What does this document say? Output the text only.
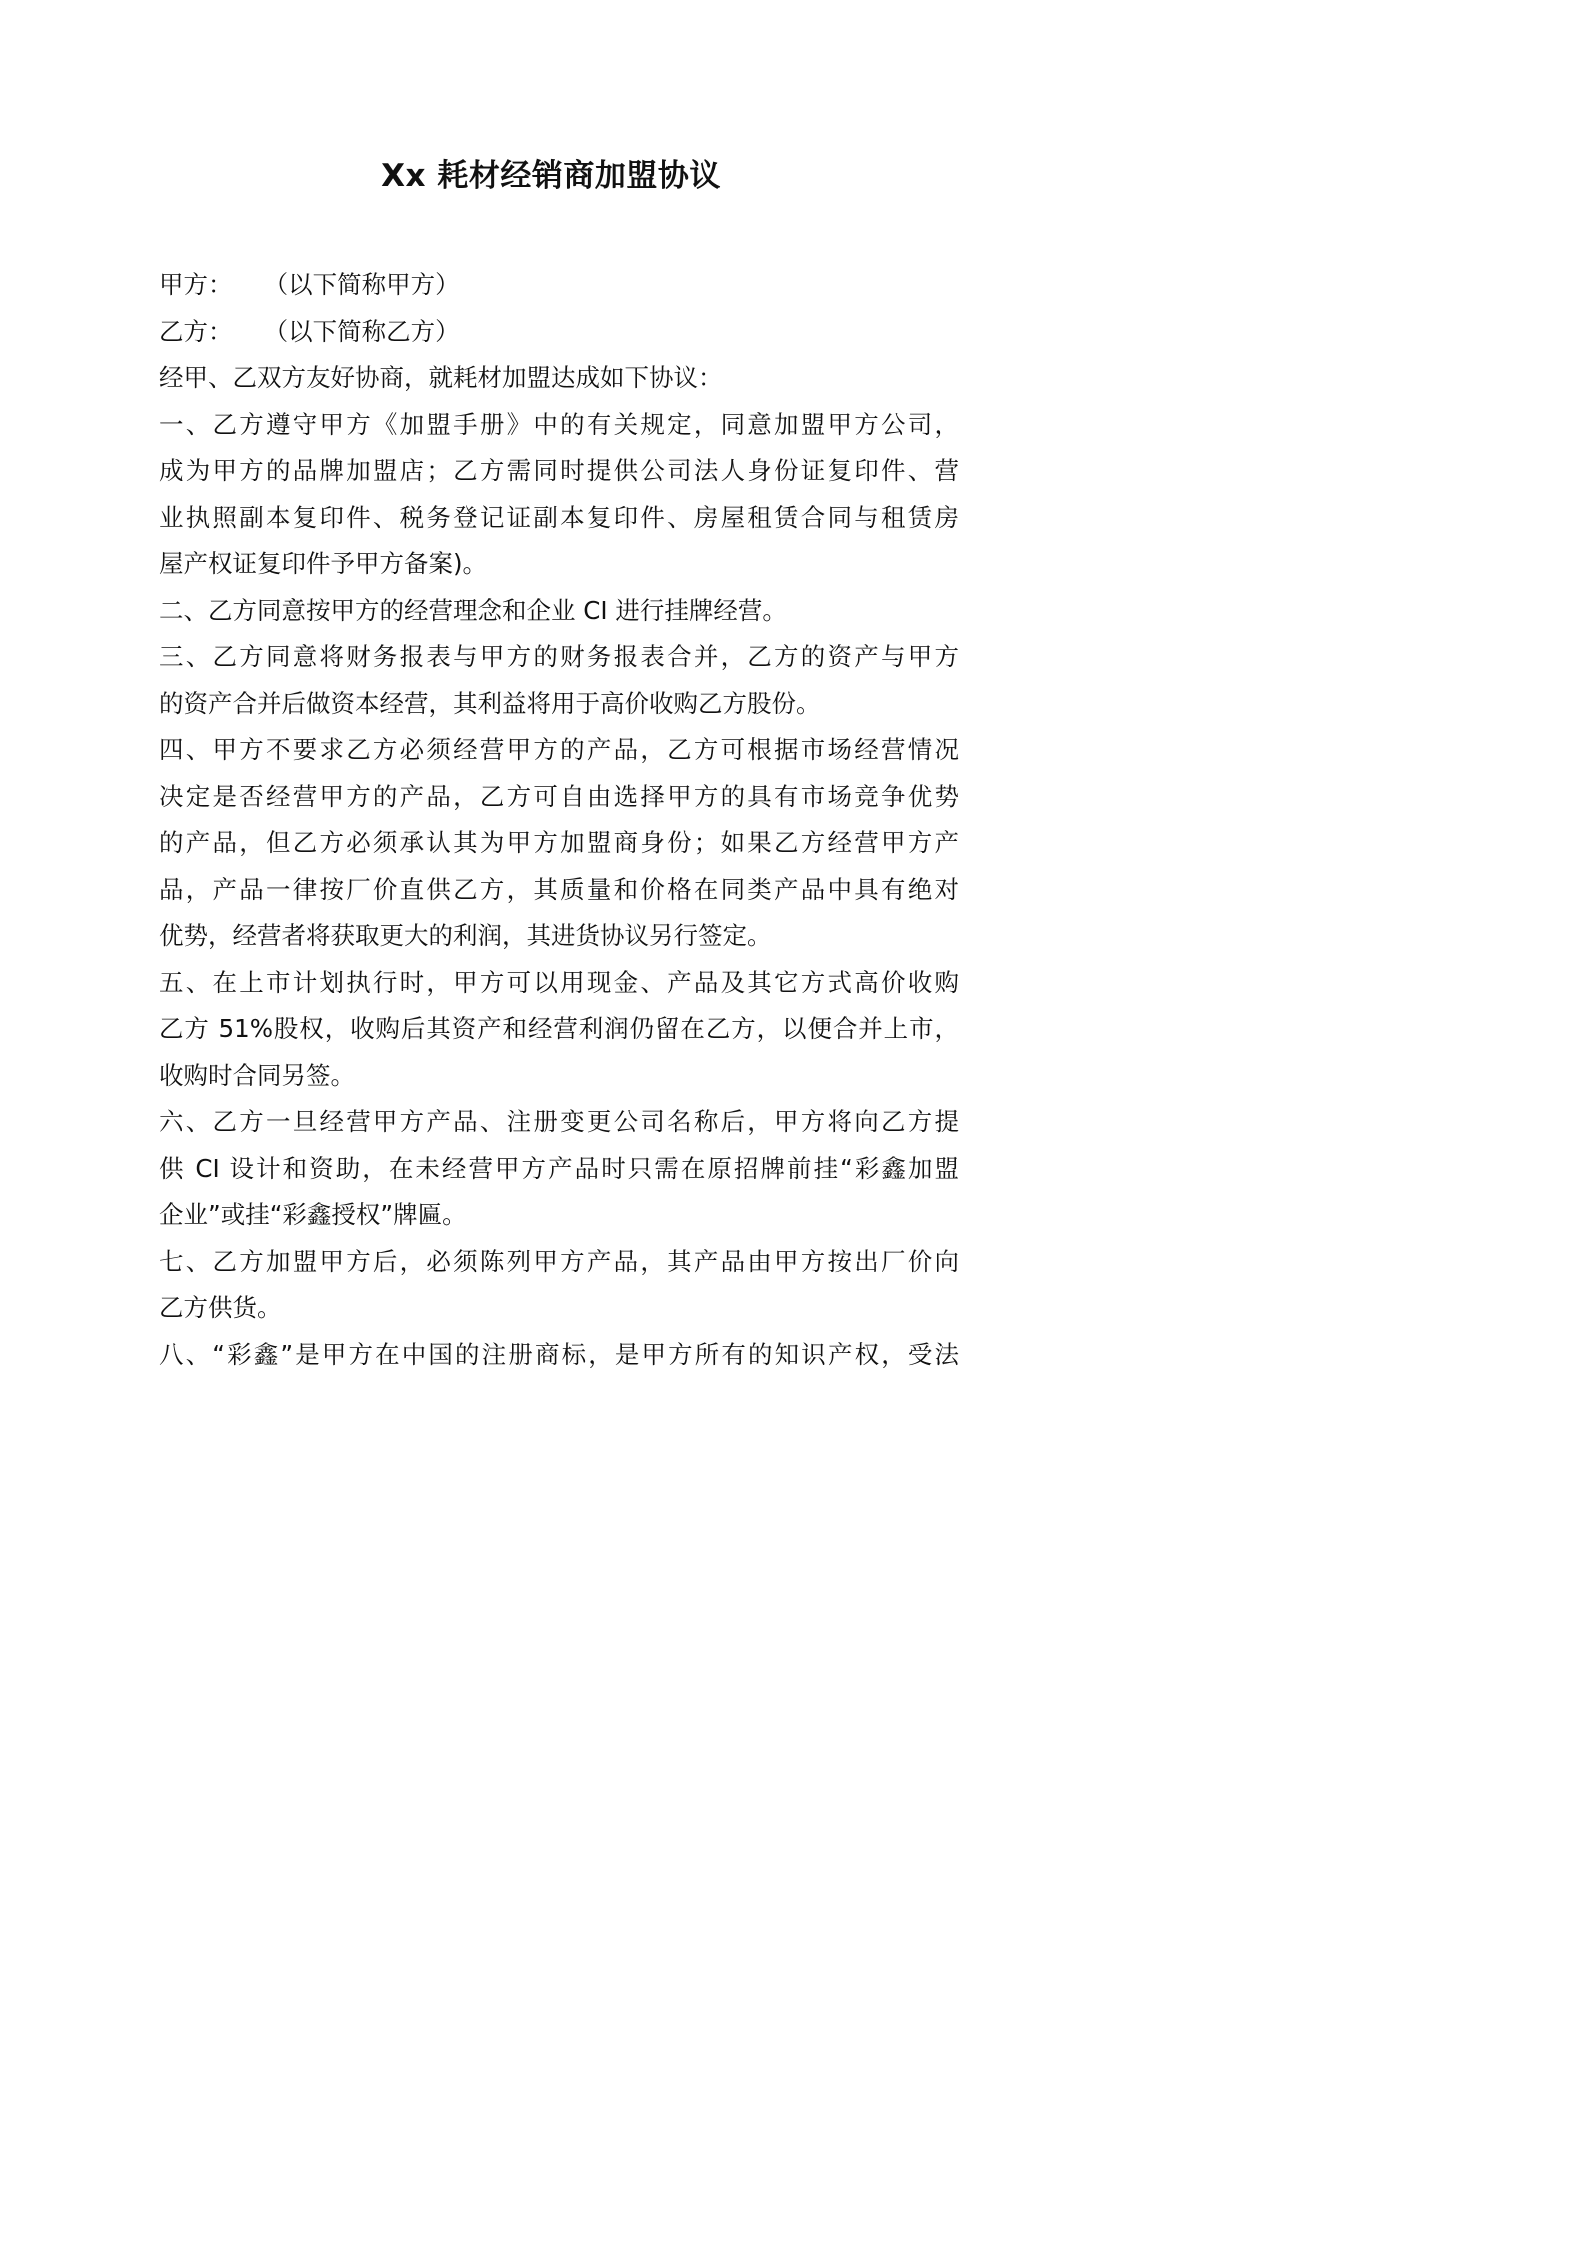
Xx 耗材经销商加盟协议
甲方：    （以下简称甲方）
乙方：    （以下简称乙方）
经甲、乙双方友好协商，就耗材加盟达成如下协议：
一、乙方遵守甲方《加盟手册》中的有关规定，同意加盟甲方公司，
成为甲方的品牌加盟店；乙方需同时提供公司法人身份证复印件、营
业执照副本复印件、税务登记证副本复印件、房屋租赁合同与租赁房
屋产权证复印件予甲方备案)。
二、乙方同意按甲方的经营理念和企业 CI 进行挂牌经营。
三、乙方同意将财务报表与甲方的财务报表合并，乙方的资产与甲方
的资产合并后做资本经营，其利益将用于高价收购乙方股份。
四、甲方不要求乙方必须经营甲方的产品，乙方可根据市场经营情况
决定是否经营甲方的产品，乙方可自由选择甲方的具有市场竞争优势
的产品，但乙方必须承认其为甲方加盟商身份；如果乙方经营甲方产
品，产品一律按厂价直供乙方，其质量和价格在同类产品中具有绝对
优势，经营者将获取更大的利润，其进货协议另行签定。
五、在上市计划执行时，甲方可以用现金、产品及其它方式高价收购
乙方 51%股权，收购后其资产和经营利润仍留在乙方，以便合并上市，
收购时合同另签。
六、乙方一旦经营甲方产品、注册变更公司名称后，甲方将向乙方提
供 CI 设计和资助，在未经营甲方产品时只需在原招牌前挂“彩鑫加盟
企业”或挂“彩鑫授权”牌匾。
七、乙方加盟甲方后，必须陈列甲方产品，其产品由甲方按出厂价向
乙方供货。
八、“彩鑫”是甲方在中国的注册商标，是甲方所有的知识产权，受法
